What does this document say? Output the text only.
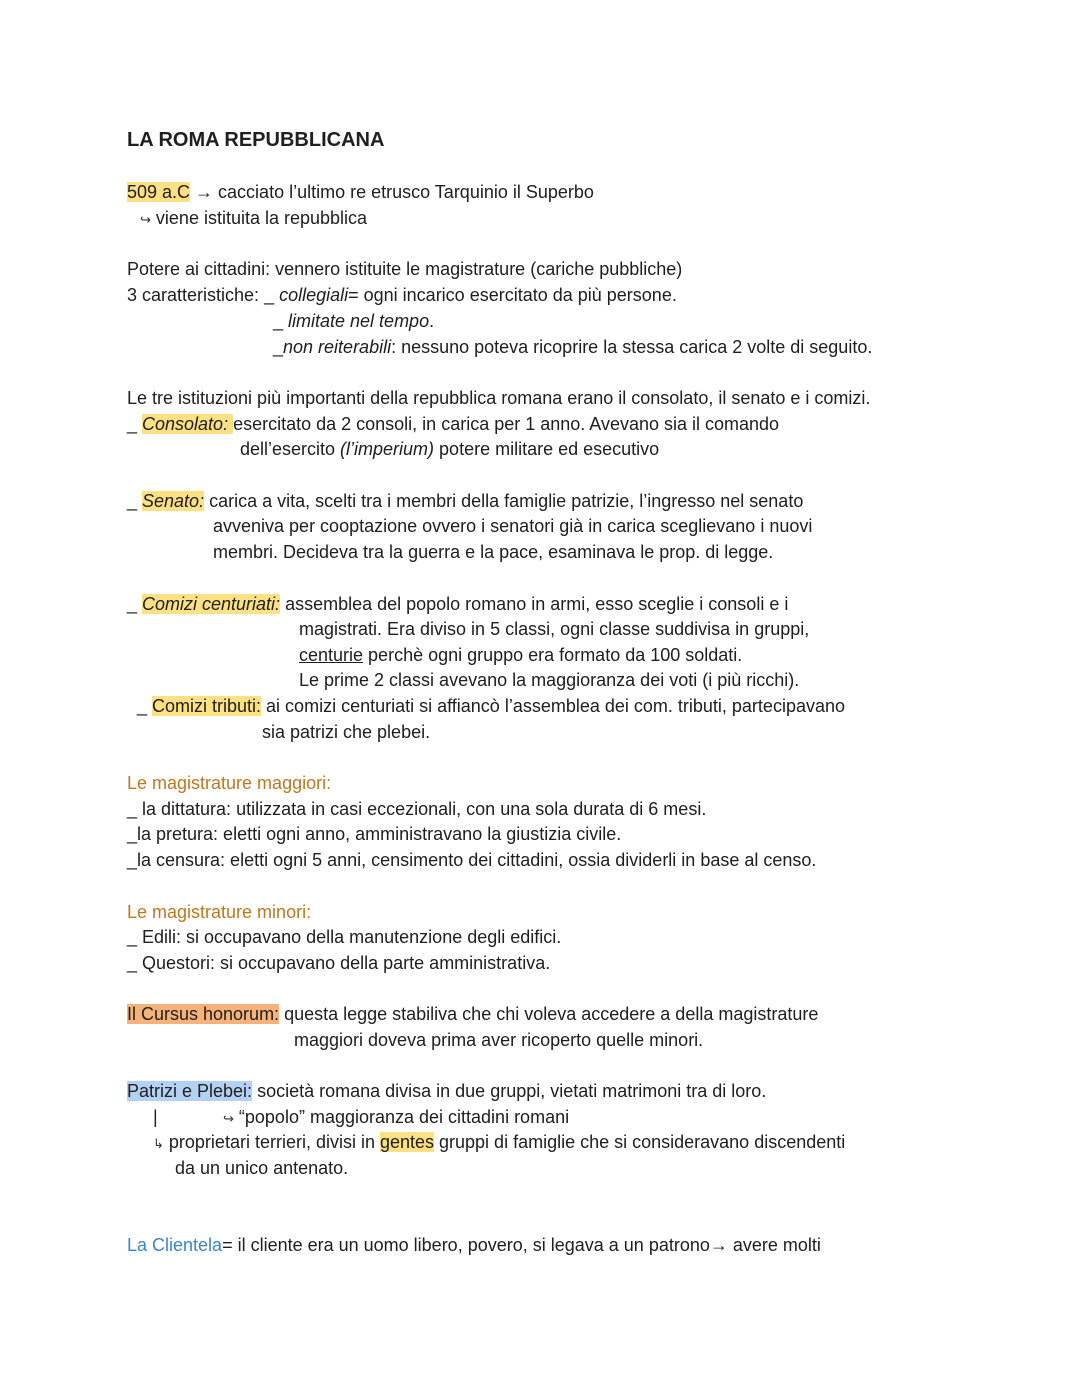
LA ROMA REPUBBLICANA
509 a.C → cacciato l’ultimo re etrusco Tarquinio il Superbo
↪ viene istituita la repubblica
Potere ai cittadini: vennero istituite le magistrature (cariche pubbliche)
3 caratteristiche: _ collegiali= ogni incarico esercitato da più persone.
_ limitate nel tempo.
_non reiterabili: nessuno poteva ricoprire la stessa carica 2 volte di seguito.
Le tre istituzioni più importanti della repubblica romana erano il consolato, il senato e i comizi.
_ Consolato: esercitato da 2 consoli, in carica per 1 anno. Avevano sia il comando
dell’esercito (l’imperium) potere militare ed esecutivo
_ Senato: carica a vita, scelti tra i membri della famiglie patrizie, l’ingresso nel senato
avveniva per cooptazione ovvero i senatori già in carica sceglievano i nuovi
membri. Decideva tra la guerra e la pace, esaminava le prop. di legge.
_ Comizi centuriati: assemblea del popolo romano in armi, esso sceglie i consoli e i
magistrati. Era diviso in 5 classi, ogni classe suddivisa in gruppi,
centurie perchè ogni gruppo era formato da 100 soldati.
Le prime 2 classi avevano la maggioranza dei voti (i più ricchi).
_ Comizi tributi: ai comizi centuriati si affiancò l’assemblea dei com. tributi, partecipavano
sia patrizi che plebei.
Le magistrature maggiori:
_ la dittatura: utilizzata in casi eccezionali, con una sola durata di 6 mesi.
_la pretura: eletti ogni anno, amministravano la giustizia civile.
_la censura: eletti ogni 5 anni, censimento dei cittadini, ossia dividerli in base al censo.
Le magistrature minori:
_ Edili: si occupavano della manutenzione degli edifici.
_ Questori: si occupavano della parte amministrativa.
Il Cursus honorum: questa legge stabiliva che chi voleva accedere a della magistrature
maggiori doveva prima aver ricoperto quelle minori.
Patrizi e Plebei: società romana divisa in due gruppi, vietati matrimoni tra di loro.
|	↪ “popolo” maggioranza dei cittadini romani
↳ proprietari terrieri, divisi in gentes gruppi di famiglie che si consideravano discendenti
da un unico antenato.
La Clientela= il cliente era un uomo libero, povero, si legava a un patrono→ avere molti
